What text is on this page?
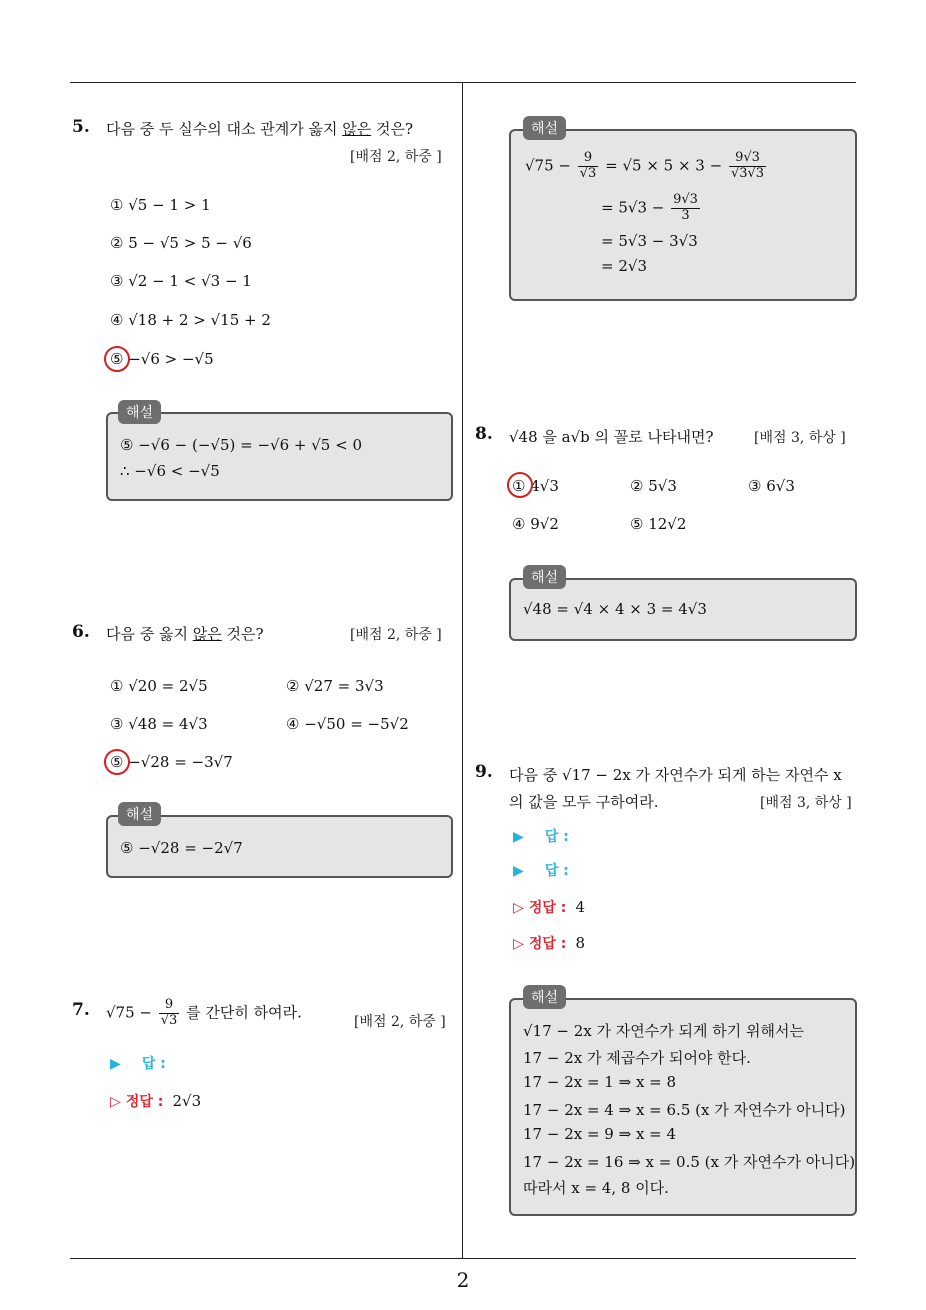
5. 다음 중 두 실수의 대소 관계가 옳지 않은 것은?
[배점 2, 하중 ]
① √5 − 1 > 1
② 5 − √5 > 5 − √6
③ √2 − 1 < √3 − 1
④ √18 + 2 > √15 + 2
⑤ −√6 > −√5
⑤ −√6 − (−√5) = −√6 + √5 < 0
∴ −√6 < −√5
해설
6. 다음 중 옳지 않은 것은?	[배점 2, 하중 ]
① √20 = 2√5	② √27 = 3√3
③ √48 = 4√3	④ −√50 = −5√2
⑤ −√28 = −3√7
⑤ −√28 = −2√7
해설
7. $√75 - \frac{9}{√3}$ 를 간단히 하여라.
[배점 2, 하중 ]
▶ 답 :
▷ 정답 : 2√3
$√75 - \frac{9}{√3} = √5 \times 5 \times 3 - \frac{9√3}{√3√3}$
= $5√3 - \frac{9√3}{3}$
= 5√3 − 3√3
= 2√3
해설
8. √48 을 a√b 의 꼴로 나타내면?	[배점 3, 하상 ]
① 4√3	② 5√3	③ 6√3
④ 9√2	⑤ 12√2
√48 = √4 × 4 × 3 = 4√3
해설
9. 다음 중 √17 − 2x 가 자연수가 되게 하는 자연수 x
의 값을 모두 구하여라.	[배점 3, 하상 ]
▶ 답 :
▶ 답 :
▷ 정답 : 4
▷ 정답 : 8
√17 − 2x 가 자연수가 되게 하기 위해서는
17 − 2x 가 제곱수가 되어야 한다.
17 − 2x = 1 ⇒ x = 8
17 − 2x = 4 ⇒ x = 6.5 (x 가 자연수가 아니다)
17 − 2x = 9 ⇒ x = 4
17 − 2x = 16 ⇒ x = 0.5 (x 가 자연수가 아니다)
따라서 x = 4, 8 이다.
해설
2
